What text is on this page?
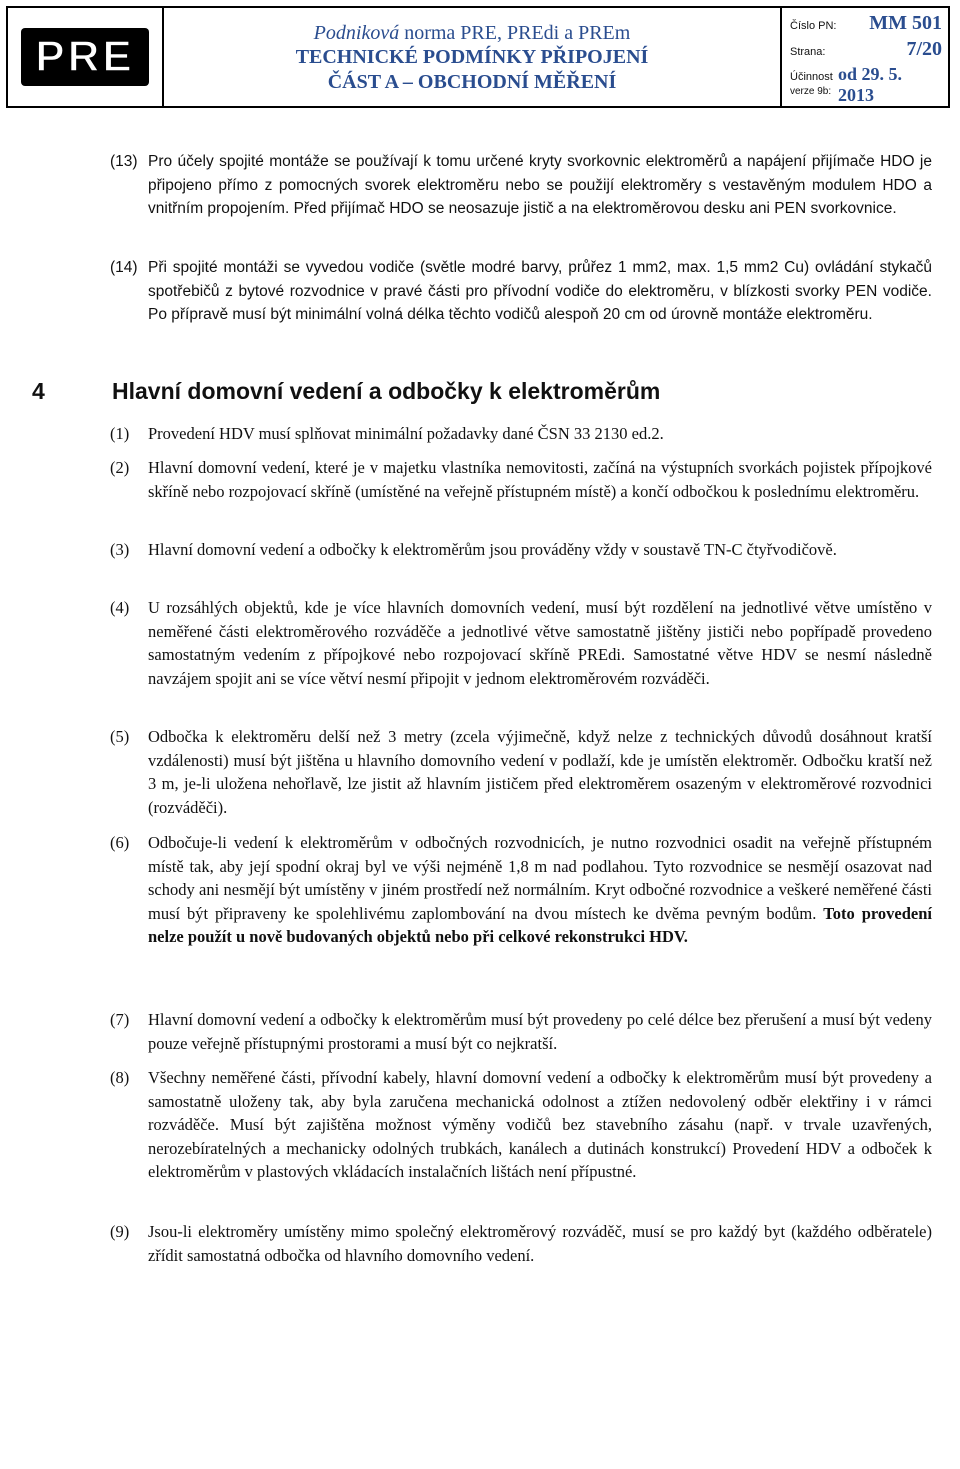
PRE	Podniková norma PRE, PREdi a PREm
TECHNICKÉ PODMÍNKY PŘIPOJENÍ
ČÁST A – OBCHODNÍ MĚŘENÍ
Číslo PN:	MM 501
Strana:	7/20
Účinnost od 29. 5. 2013
verze 9b:
(13) Pro účely spojité montáže se používají k tomu určené kryty svorkovnic elektroměrů a napájení přijímače HDO je připojeno přímo z pomocných svorek elektroměru nebo se použijí elektroměry s vestavěným modulem HDO a vnitřním propojením. Před přijímač HDO se neosazuje jistič a na elektroměrovou desku ani PEN svorkovnice.
(14) Při spojité montáži se vyvedou vodiče (světle modré barvy, průřez 1 mm2, max. 1,5 mm2 Cu) ovládání stykačů spotřebičů z bytové rozvodnice v pravé části pro přívodní vodiče do elektroměru, v blízkosti svorky PEN vodiče. Po přípravě musí být minimální volná délka těchto vodičů alespoň 20 cm od úrovně montáže elektroměru.
4	Hlavní domovní vedení a odbočky k elektroměrům
(1)	Provedení HDV musí splňovat minimální požadavky dané ČSN 33 2130 ed.2.
(2)	Hlavní domovní vedení, které je v majetku vlastníka nemovitosti, začíná na výstupních svorkách pojistek přípojkové skříně nebo rozpojovací skříně (umístěné na veřejně přístupném místě) a končí odbočkou k poslednímu elektroměru.
(3)	Hlavní domovní vedení a odbočky k elektroměrům jsou prováděny vždy v soustavě TN-C čtyřvodičově.
(4)	U rozsáhlých objektů, kde je více hlavních domovních vedení, musí být rozdělení na jednotlivé větve umístěno v neměřené části elektroměrového rozváděče a jednotlivé větve samostatně jištěny jističi nebo popřípadě provedeno samostatným vedením z přípojkové nebo rozpojovací skříně PREdi. Samostatné větve HDV se nesmí následně navzájem spojit ani se více větví nesmí připojit v jednom elektroměrovém rozváděči.
(5)	Odbočka k elektroměru delší než 3 metry (zcela výjimečně, když nelze z technických důvodů dosáhnout kratší vzdálenosti) musí být jištěna u hlavního domovního vedení v podlaží, kde je umístěn elektroměr. Odbočku kratší než 3 m, je-li uložena nehořlavě, lze jistit až hlavním jističem před elektroměrem osazeným v elektroměrové rozvodnici (rozváděči).
(6)	Odbočuje-li vedení k elektroměrům v odbočných rozvodnicích, je nutno rozvodnici osadit na veřejně přístupném místě tak, aby její spodní okraj byl ve výši nejméně 1,8 m nad podlahou. Tyto rozvodnice se nesmějí osazovat nad schody ani nesmějí být umístěny v jiném prostředí než normálním. Kryt odbočné rozvodnice a veškeré neměřené části musí být připraveny ke spolehlivému zaplombování na dvou místech ke dvěma pevným bodům. Toto provedení nelze použít u nově budovaných objektů nebo při celkové rekonstrukci HDV.
(7)	Hlavní domovní vedení a odbočky k elektroměrům musí být provedeny po celé délce bez přerušení a musí být vedeny pouze veřejně přístupnými prostorami a musí být co nejkratší.
(8)	Všechny neměřené části, přívodní kabely, hlavní domovní vedení a odbočky k elektroměrům musí být provedeny a samostatně uloženy tak, aby byla zaručena mechanická odolnost a ztížen nedovolený odběr elektřiny i v rámci rozváděče. Musí být zajištěna možnost výměny vodičů bez stavebního zásahu (např. v trvale uzavřených, nerozebíratelných a mechanicky odolných trubkách, kanálech a dutinách konstrukcí) Provedení HDV a odboček k elektroměrům v plastových vkládacích instalačních lištách není přípustné.
(9)	Jsou-li elektroměry umístěny mimo společný elektroměrový rozváděč, musí se pro každý byt (každého odběratele) zřídit samostatná odbočka od hlavního domovního vedení.
